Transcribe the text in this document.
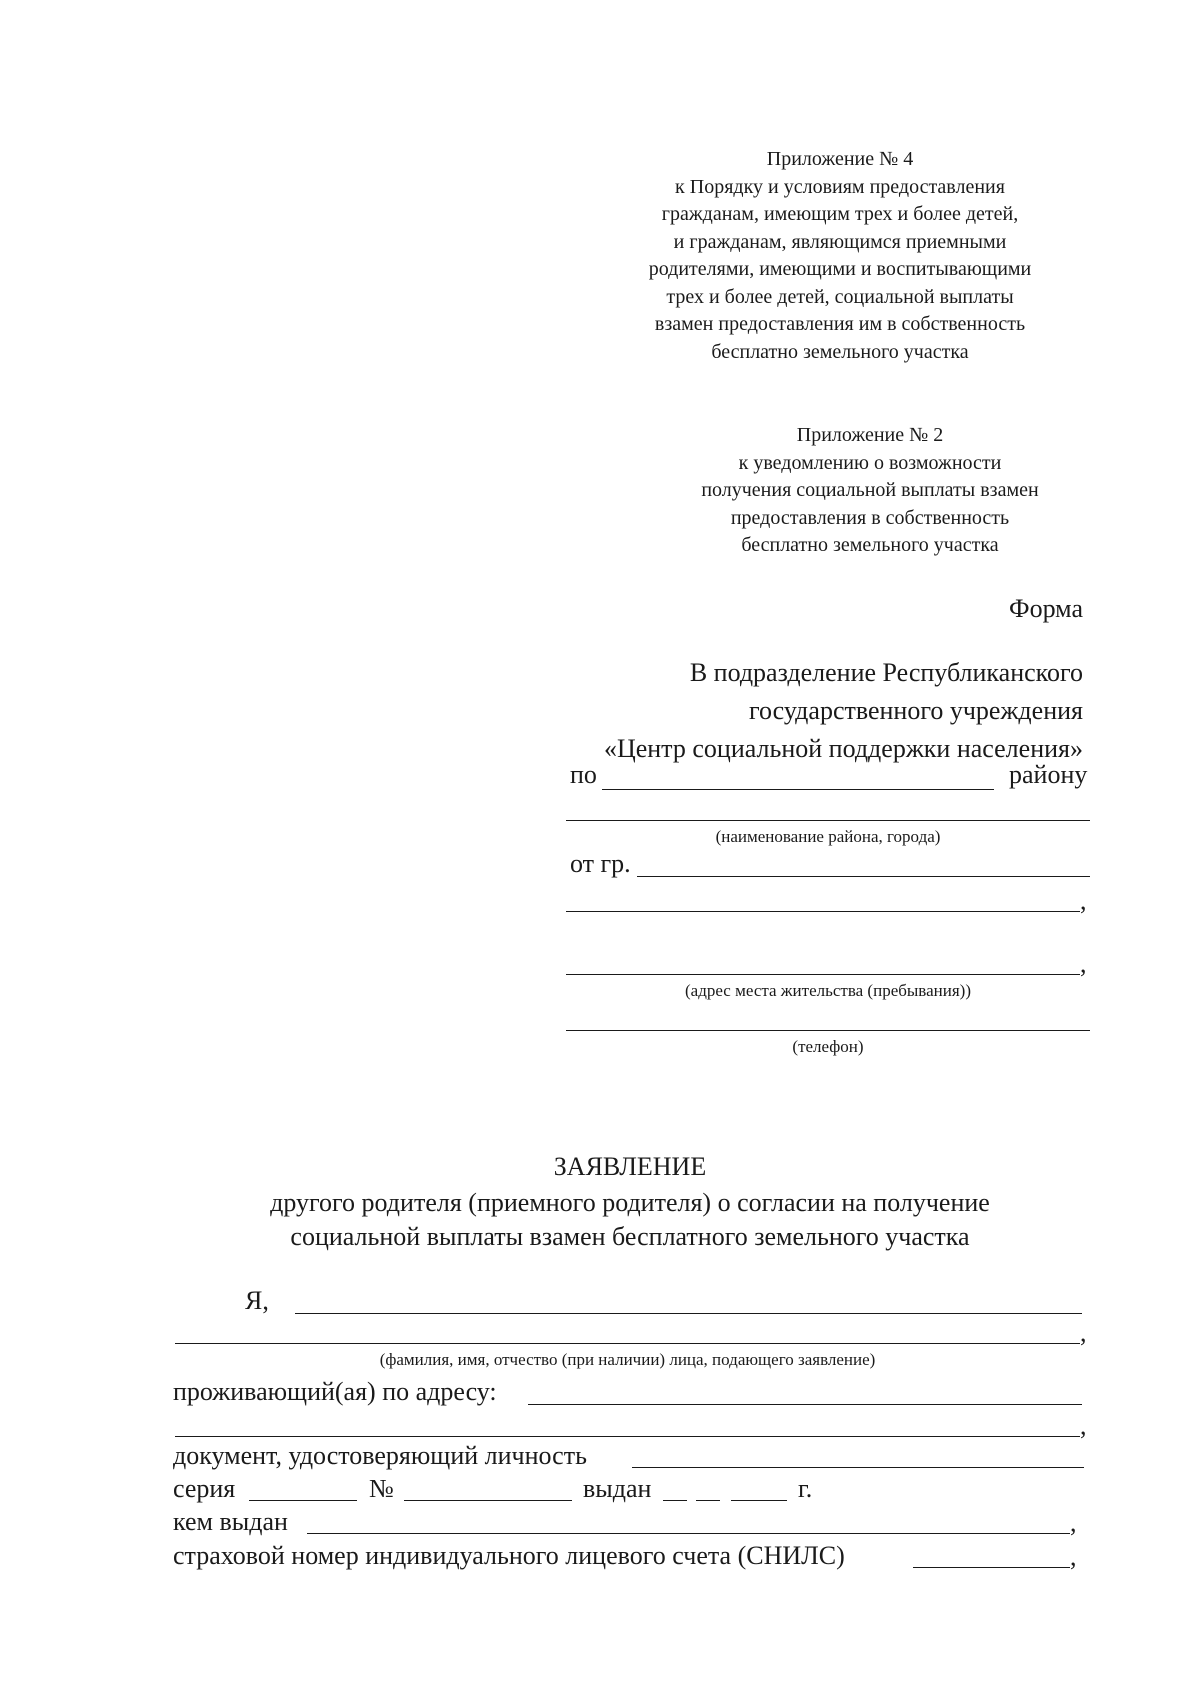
Приложение № 4
к Порядку и условиям предоставления
гражданам, имеющим трех и более детей,
и гражданам, являющимся приемными
родителями, имеющими и воспитывающими
трех и более детей, социальной выплаты
взамен предоставления им в собственность
бесплатно земельного участка
Приложение № 2
к уведомлению о возможности
получения социальной выплаты взамен
предоставления в собственность
бесплатно земельного участка
Форма
В подразделение Республиканского
государственного учреждения
«Центр социальной поддержки населения»
по	району
(наименование района, города)
от гр.
,
,
(адрес места жительства (пребывания))
(телефон)
ЗАЯВЛЕНИЕ
другого родителя (приемного родителя) о согласии на получение
социальной выплаты взамен бесплатного земельного участка
Я,
,
(фамилия, имя, отчество (при наличии) лица, подающего заявление)
проживающий(ая) по адресу:
,
документ, удостоверяющий личность
серия	№	выдан	г.
кем выдан	,
страховой номер индивидуального лицевого счета (СНИЛС)	,
